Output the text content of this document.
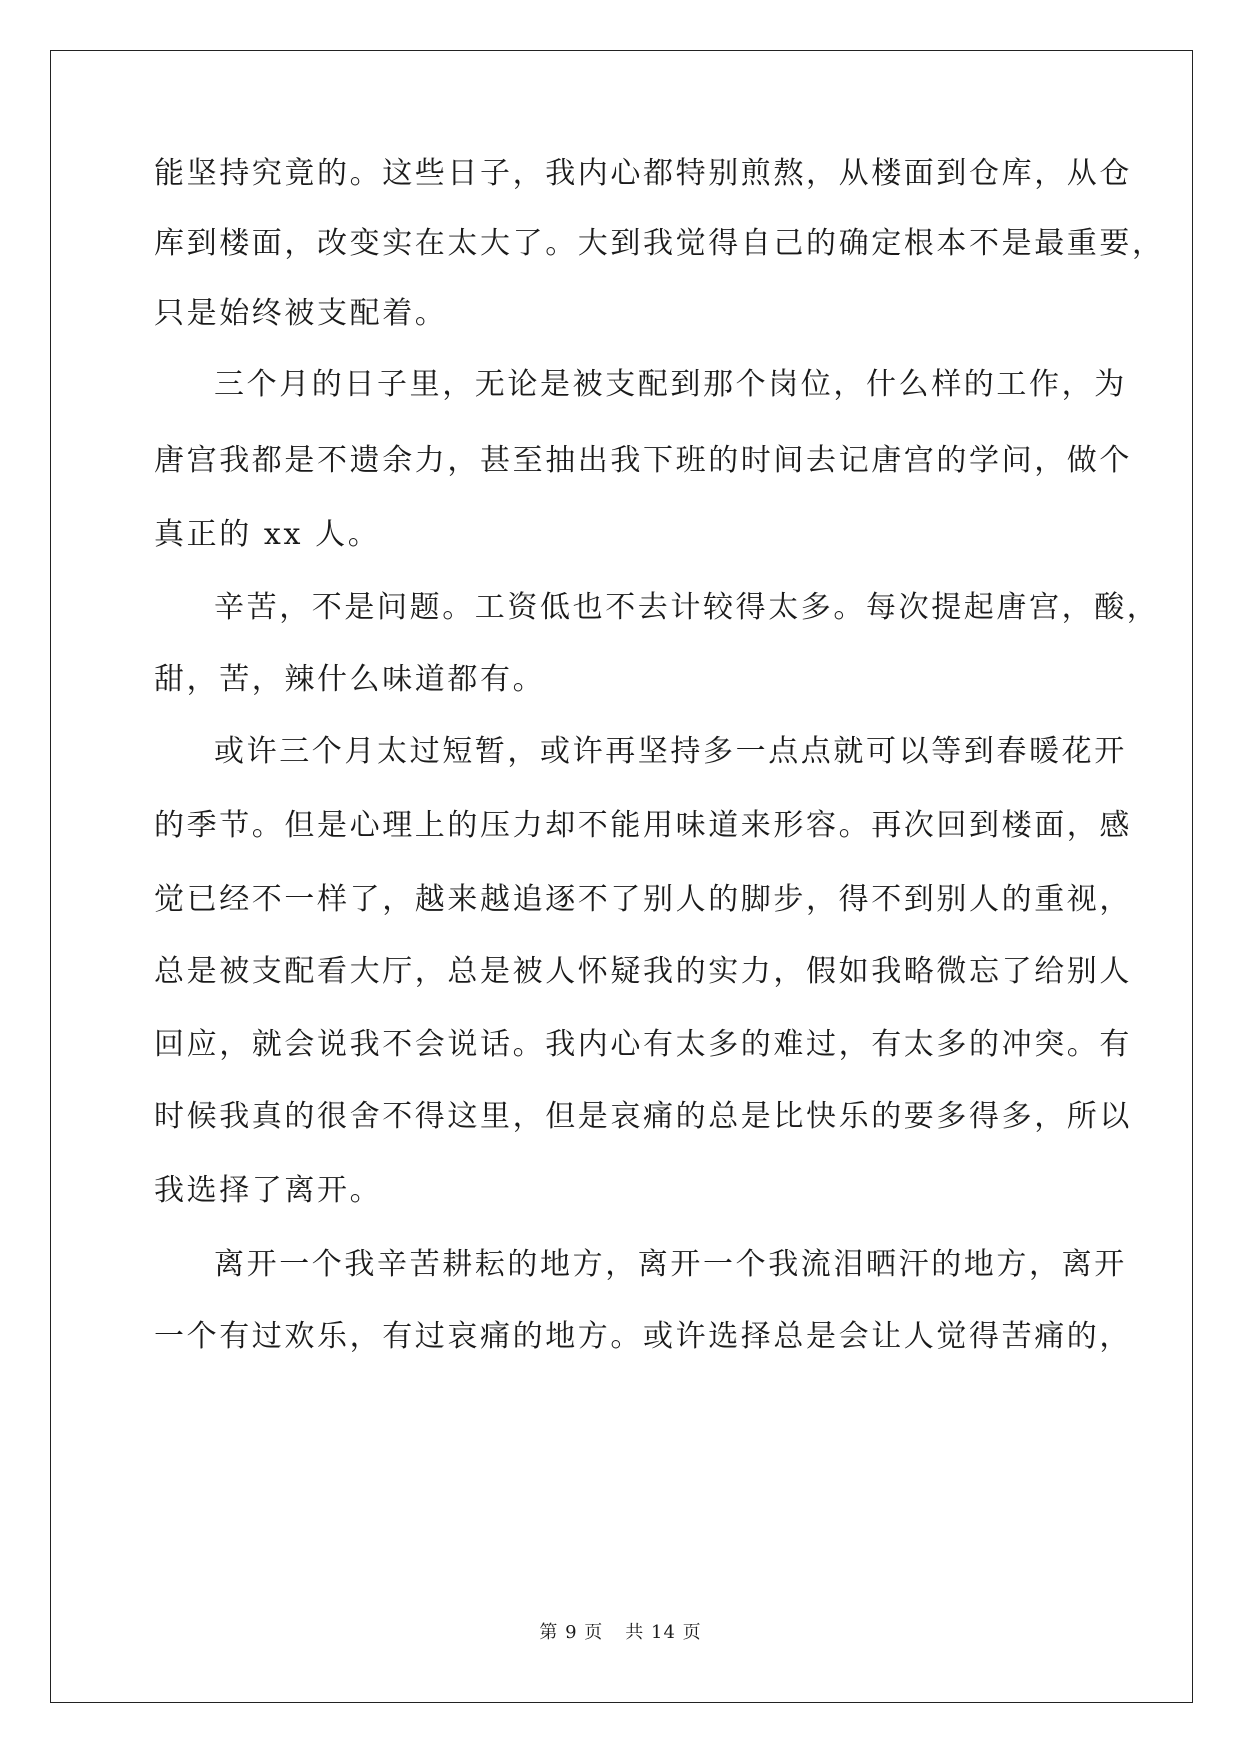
能坚持究竟的。这些日子，我内心都特别煎熬，从楼面到仓库，从仓
库到楼面，改变实在太大了。大到我觉得自己的确定根本不是最重要，
只是始终被支配着。
三个月的日子里，无论是被支配到那个岗位，什么样的工作，为
唐宫我都是不遗余力，甚至抽出我下班的时间去记唐宫的学问，做个
真正的 xx 人。
辛苦，不是问题。工资低也不去计较得太多。每次提起唐宫，酸，
甜，苦，辣什么味道都有。
或许三个月太过短暂，或许再坚持多一点点就可以等到春暖花开
的季节。但是心理上的压力却不能用味道来形容。再次回到楼面，感
觉已经不一样了，越来越追逐不了别人的脚步，得不到别人的重视，
总是被支配看大厅，总是被人怀疑我的实力，假如我略微忘了给别人
回应，就会说我不会说话。我内心有太多的难过，有太多的冲突。有
时候我真的很舍不得这里，但是哀痛的总是比快乐的要多得多，所以
我选择了离开。
离开一个我辛苦耕耘的地方，离开一个我流泪晒汗的地方，离开
一个有过欢乐，有过哀痛的地方。或许选择总是会让人觉得苦痛的，
第 9 页 共 14 页
